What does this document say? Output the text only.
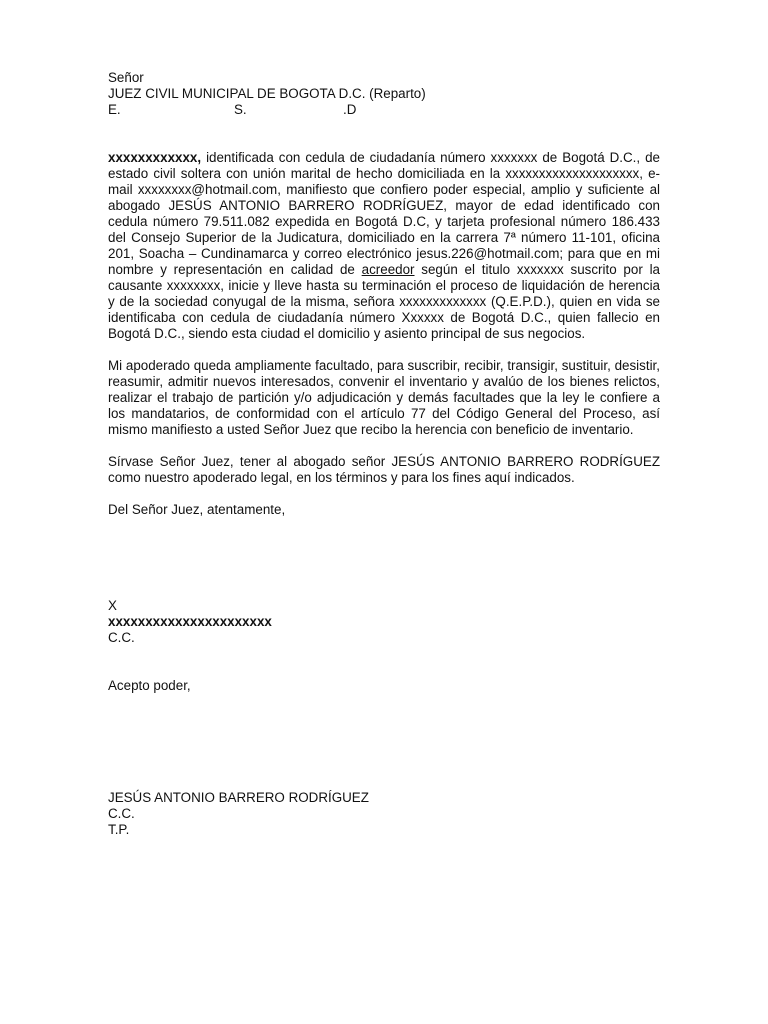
Señor
JUEZ CIVIL MUNICIPAL DE BOGOTA D.C. (Reparto)
E.	S.	.D

xxxxxxxxxxxx, identificada con cedula de ciudadanía número xxxxxxx de Bogotá D.C., de estado civil soltera con unión marital de hecho domiciliada en la xxxxxxxxxxxxxxxxxxxx, e-mail xxxxxxxx@hotmail.com, manifiesto que confiero poder especial, amplio y suficiente al abogado JESÚS ANTONIO BARRERO RODRÍGUEZ, mayor de edad identificado con cedula número 79.511.082 expedida en Bogotá D.C, y tarjeta profesional número 186.433 del Consejo Superior de la Judicatura, domiciliado en la carrera 7ª número 11-101, oficina 201, Soacha – Cundinamarca y correo electrónico jesus.226@hotmail.com; para que en mi nombre y representación en calidad de acreedor según el titulo xxxxxxx suscrito por la causante xxxxxxxx, inicie y lleve hasta su terminación el proceso de liquidación de herencia y de la sociedad conyugal de la misma, señora xxxxxxxxxxxxx (Q.E.P.D.), quien en vida se identificaba con cedula de ciudadanía número Xxxxxx de Bogotá D.C., quien fallecio en Bogotá D.C., siendo esta ciudad el domicilio y asiento principal de sus negocios.

Mi apoderado queda ampliamente facultado, para suscribir, recibir, transigir, sustituir, desistir, reasumir, admitir nuevos interesados, convenir el inventario y avalúo de los bienes relictos, realizar el trabajo de partición y/o adjudicación y demás facultades que la ley le confiere a los mandatarios, de conformidad con el artículo 77 del Código General del Proceso, así mismo manifiesto a usted Señor Juez que recibo la herencia con beneficio de inventario.

Sírvase Señor Juez, tener al abogado señor JESÚS ANTONIO BARRERO RODRÍGUEZ como nuestro apoderado legal, en los términos y para los fines aquí indicados.

Del Señor Juez, atentamente,
X
xxxxxxxxxxxxxxxxxxxxxx
C.C.
Acepto poder,
JESÚS ANTONIO BARRERO RODRÍGUEZ
C.C.
T.P.
